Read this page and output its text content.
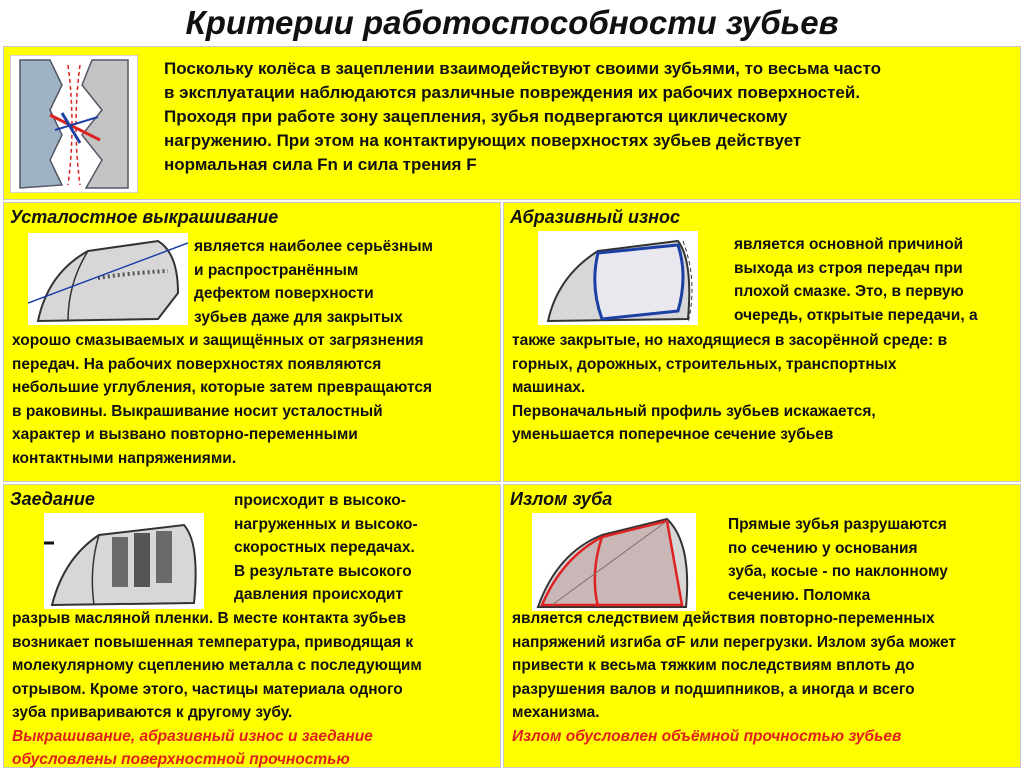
Критерии работоспособности зубьев
Поскольку колёса в зацеплении взаимодействуют своими зубьями, то весьма часто
в эксплуатации наблюдаются различные повреждения их рабочих поверхностей.
Проходя при работе зону зацепления, зубья подвергаются циклическому
нагружению. При этом на контактирующих поверхностях зубьев действует
нормальная сила Fn и сила трения F
Усталостное выкрашивание
является наиболее серьёзным
и распространённым
дефектом поверхности
зубьев даже для закрытых
хорошо смазываемых и защищённых от загрязнения
передач. На рабочих поверхностях появляются
небольшие углубления, которые затем превращаются
в раковины. Выкрашивание носит усталостный
характер и вызвано повторно-переменными
контактными напряжениями.
Абразивный износ
является основной причиной
выхода из строя передач при
плохой смазке. Это, в первую
очередь, открытые передачи, а
также закрытые, но находящиеся в засорённой среде: в
горных, дорожных, строительных, транспортных
машинах.
Первоначальный профиль зубьев искажается,
уменьшается поперечное сечение зубьев
Заедание	происходит в высоко-
нагруженных и высоко-
скоростных передачах.
В результате высокого
давления происходит
разрыв масляной пленки. В месте контакта зубьев
возникает повышенная температура, приводящая к
молекулярному сцеплению металла с последующим
отрывом. Кроме этого, частицы материала одного
зуба привариваются к другому зубу.
Выкрашивание, абразивный износ и заедание
обусловлены поверхностной прочностью
Излом зуба
Прямые зубья разрушаются
по сечению у основания
зуба, косые - по наклонному
сечению. Поломка
является следствием действия повторно-переменных
напряжений изгиба σF или перегрузки. Излом зуба может
привести к весьма тяжким последствиям вплоть до
разрушения валов и подшипников, а иногда и всего
механизма.
Излом обусловлен объёмной прочностью зубьев
